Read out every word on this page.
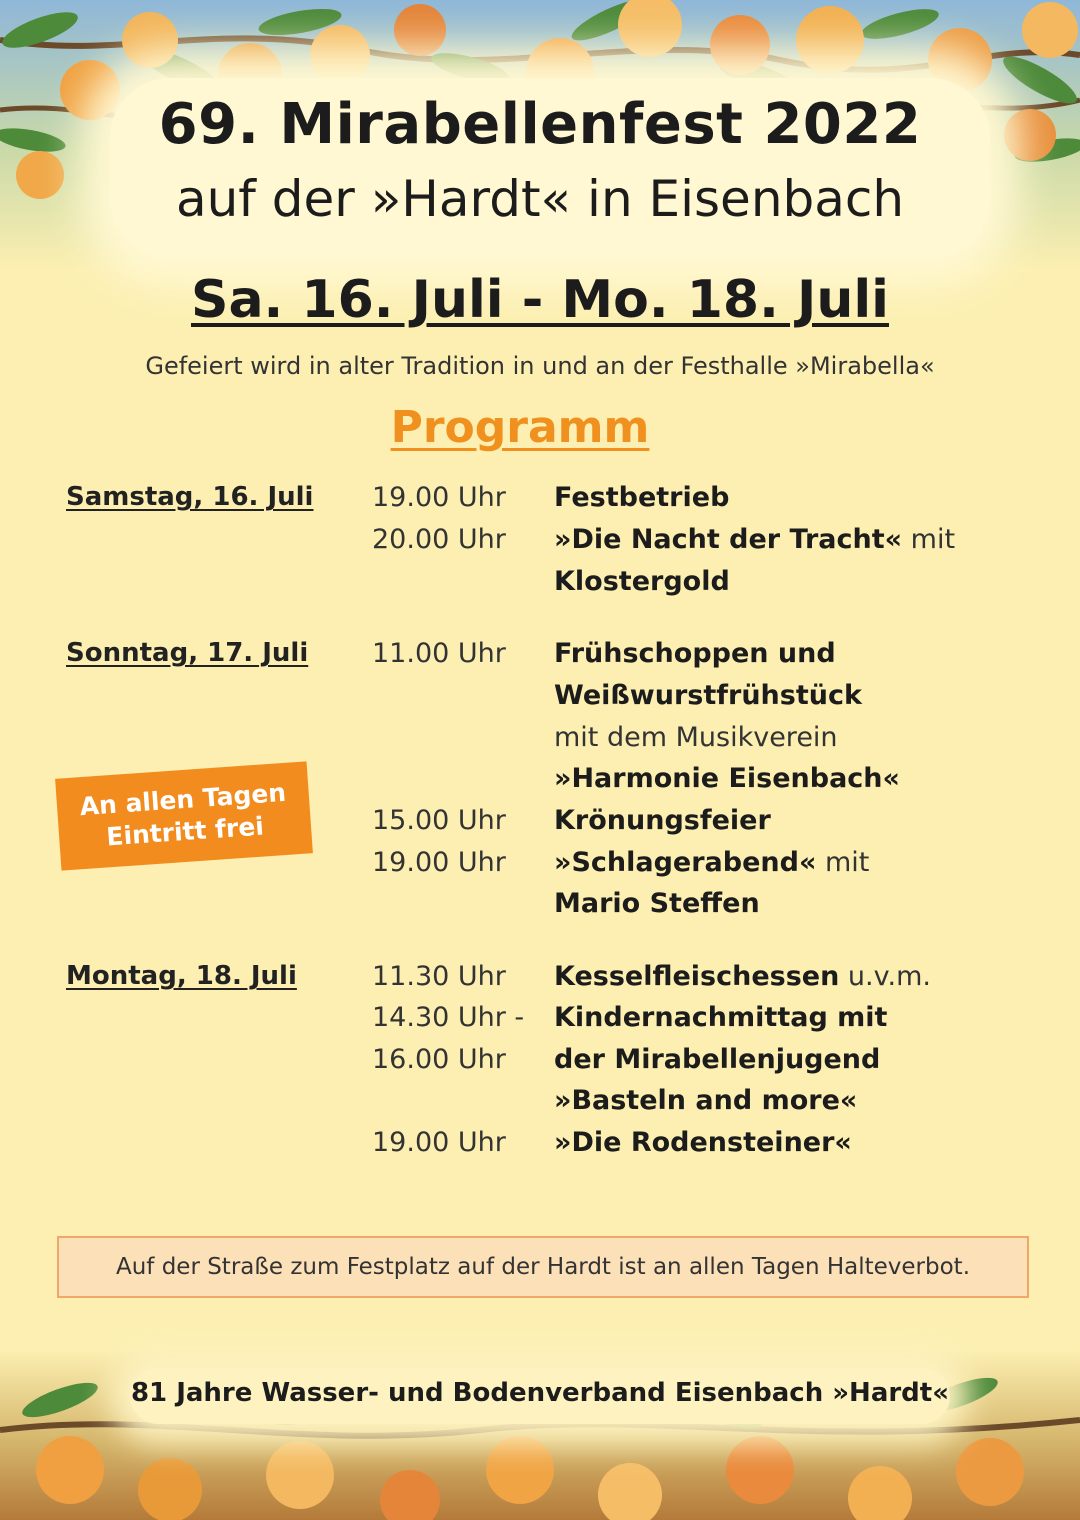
69. Mirabellenfest 2022
auf der »Hardt« in Eisenbach
Sa. 16. Juli - Mo. 18. Juli
Gefeiert wird in alter Tradition in und an der Festhalle »Mirabella«
Programm
Samstag, 16. Juli 19.00 Uhr
20.00 Uhr
Festbetrieb
»Die Nacht der Tracht« mit
Klostergold
Sonntag, 17. Juli 11.00 Uhr
15.00 Uhr
19.00 Uhr
Frühschoppen und
Weißwurstfrühstück
mit dem Musikverein
»Harmonie Eisenbach«
Krönungsfeier
»Schlagerabend« mit
Mario Steffen
An allen Tagen
Eintritt frei
Montag, 18. Juli	11.30 Uhr
14.30 Uhr -
16.00 Uhr
19.00 Uhr
Kesselfleischessen u.v.m.
Kindernachmittag mit
der Mirabellenjugend
»Basteln and more«
»Die Rodensteiner«
Auf der Straße zum Festplatz auf der Hardt ist an allen Tagen Halteverbot.
81 Jahre Wasser- und Bodenverband Eisenbach »Hardt«
